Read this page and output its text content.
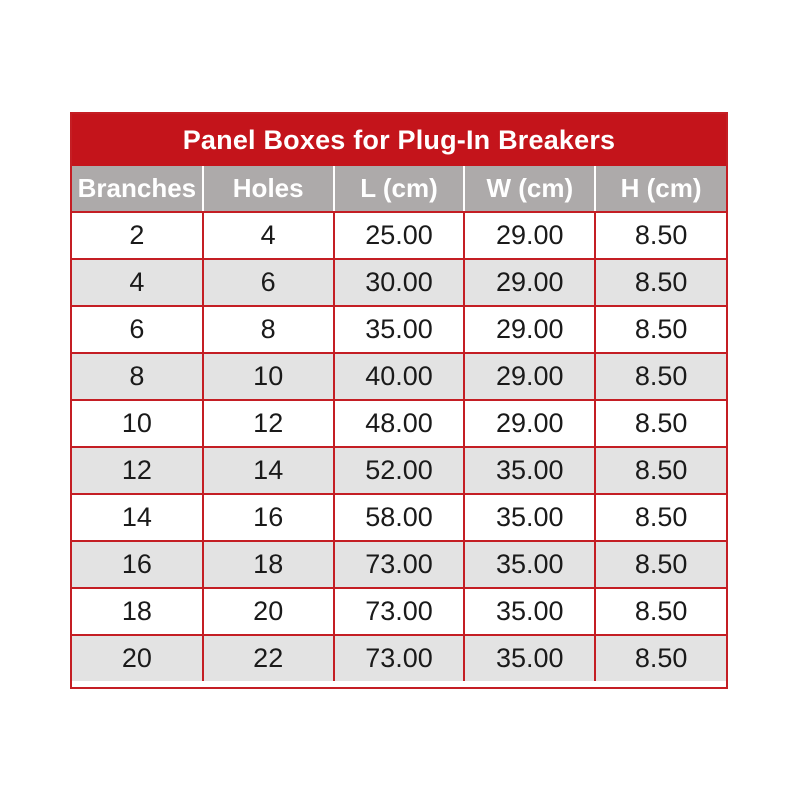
Panel Boxes for Plug-In Breakers
Branches	Holes	L (cm)	W (cm)	H (cm)
2	4	25.00	29.00	8.50
4	6	30.00	29.00	8.50
6	8	35.00	29.00	8.50
8	10	40.00	29.00	8.50
10	12	48.00	29.00	8.50
12	14	52.00	35.00	8.50
14	16	58.00	35.00	8.50
16	18	73.00	35.00	8.50
18	20	73.00	35.00	8.50
20	22	73.00	35.00	8.50
